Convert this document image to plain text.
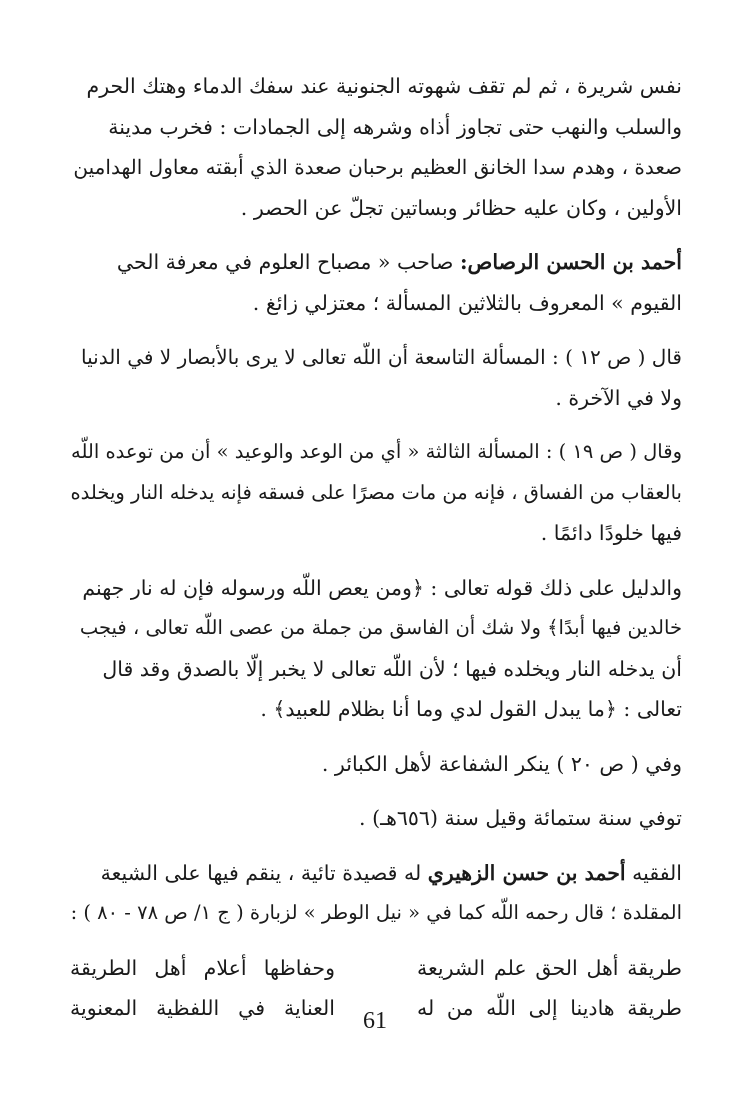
نفس شريرة ، ثم لم تقف شهوته الجنونية عند سفك الدماء وهتك الحرم
والسلب والنهب حتى تجاوز أذاه وشرهه إلى الجمادات : فخرب مدينة
صعدة ، وهدم سدا الخانق العظيم برحبان صعدة الذي أبقته معاول الهدامين
الأولين ، وكان عليه حظائر وبساتين تجلّ عن الحصر .

أحمد بن الحسن الرصاص: صاحب « مصباح العلوم في معرفة الحي
القيوم » المعروف بالثلاثين المسألة ؛ معتزلي زائغ .

قال ( ص ١٢ ) : المسألة التاسعة أن اللّه تعالى لا يرى بالأبصار لا في الدنيا
ولا في الآخرة .

وقال ( ص ١٩ ) : المسألة الثالثة « أي من الوعد والوعيد » أن من توعده اللّه
بالعقاب من الفساق ، فإنه من مات مصرًا على فسقه فإنه يدخله النار ويخلده
فيها خلودًا دائمًا .

والدليل على ذلك قوله تعالى : ﴿ومن يعص اللّه ورسوله فإن له نار جهنم
خالدين فيها أبدًا﴾ ولا شك أن الفاسق من جملة من عصى اللّه تعالى ، فيجب
أن يدخله النار ويخلده فيها ؛ لأن اللّه تعالى لا يخبر إلّا بالصدق وقد قال
تعالى : ﴿ما يبدل القول لدي وما أنا بظلام للعبيد﴾ .

وفي ( ص ٢٠ ) ينكر الشفاعة لأهل الكبائر .

توفي سنة ستمائة وقيل سنة (٦٥٦هـ) .

الفقيه أحمد بن حسن الزهيري له قصيدة تائية ، ينقم فيها على الشيعة
المقلدة ؛ قال رحمه اللّه كما في « نيل الوطر » لزبارة ( ج ١/ ص ٧٨ - ٨٠ ) :

طريقة أهل الحق علم الشريعة
وحفاظها أعلام أهل الطريقة
طريقة هادينا إلى اللّه من له
العناية في اللفظية المعنوية
61
